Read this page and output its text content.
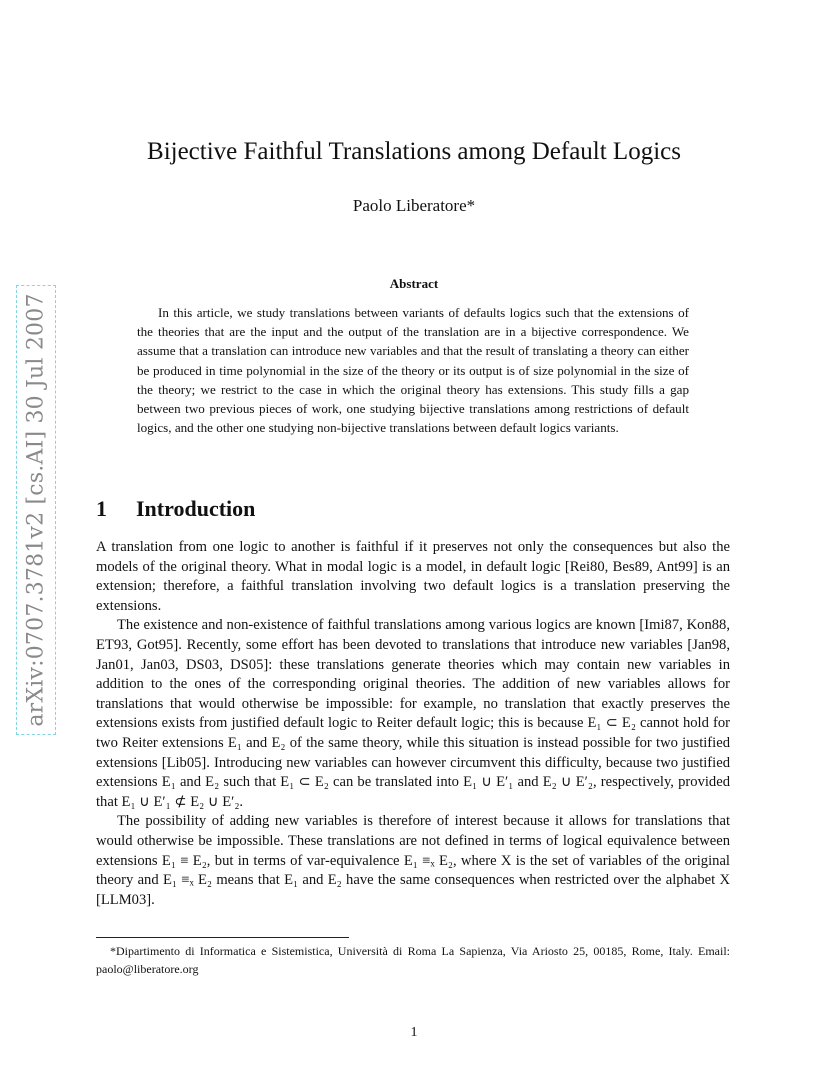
arXiv:0707.3781v2 [cs.AI] 30 Jul 2007
Bijective Faithful Translations among Default Logics
Paolo Liberatore*
Abstract

In this article, we study translations between variants of defaults logics such that the extensions of the theories that are the input and the output of the translation are in a bijective correspondence. We assume that a translation can introduce new variables and that the result of translating a theory can either be produced in time polynomial in the size of the theory or its output is of size polynomial in the size of the theory; we restrict to the case in which the original theory has extensions. This study fills a gap between two previous pieces of work, one studying bijective translations among restrictions of default logics, and the other one studying non-bijective translations between default logics variants.

1 Introduction

A translation from one logic to another is faithful if it preserves not only the consequences but also the models of the original theory. What in modal logic is a model, in default logic [Rei80, Bes89, Ant99] is an extension; therefore, a faithful translation involving two default logics is a translation preserving the extensions.

The existence and non-existence of faithful translations among various logics are known [Imi87, Kon88, ET93, Got95]. Recently, some effort has been devoted to translations that introduce new variables [Jan98, Jan01, Jan03, DS03, DS05]: these translations generate theories which may contain new variables in addition to the ones of the corresponding original theories. The addition of new variables allows for translations that would otherwise be impossible: for example, no translation that exactly preserves the extensions exists from justified default logic to Reiter default logic; this is because E₁ ⊂ E₂ cannot hold for two Reiter extensions E₁ and E₂ of the same theory, while this situation is instead possible for two justified extensions [Lib05]. Introducing new variables can however circumvent this difficulty, because two justified extensions E₁ and E₂ such that E₁ ⊂ E₂ can be translated into E₁ ∪ E′₁ and E₂ ∪ E′₂, respectively, provided that E₁ ∪ E′₁ ⊄ E₂ ∪ E′₂.

The possibility of adding new variables is therefore of interest because it allows for translations that would otherwise be impossible. These translations are not defined in terms of logical equivalence between extensions E₁ ≡ E₂, but in terms of var-equivalence E₁ ≡ₓ E₂, where X is the set of variables of the original theory and E₁ ≡ₓ E₂ means that E₁ and E₂ have the same consequences when restricted over the alphabet X [LLM03].

*Dipartimento di Informatica e Sistemistica, Università di Roma La Sapienza, Via Ariosto 25, 00185, Rome, Italy. Email: paolo@liberatore.org
1
